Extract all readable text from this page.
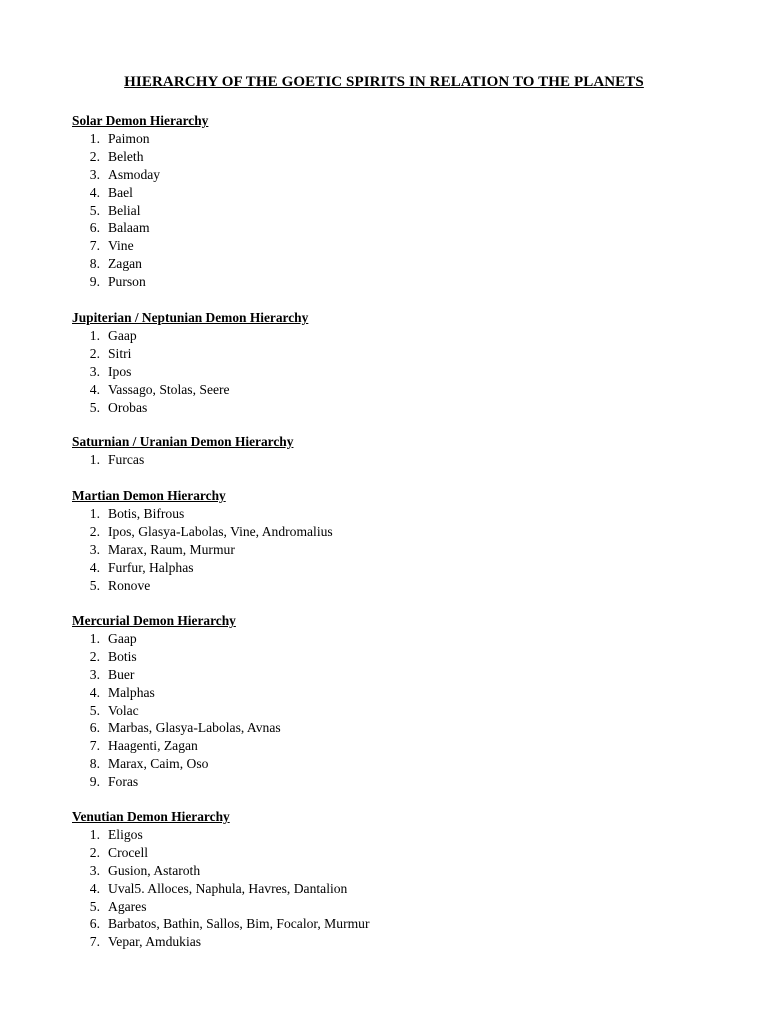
HIERARCHY OF THE GOETIC SPIRITS IN RELATION TO THE PLANETS
Solar Demon Hierarchy
1. Paimon
2. Beleth
3. Asmoday
4. Bael
5. Belial
6. Balaam
7. Vine
8. Zagan
9. Purson
Jupiterian / Neptunian Demon Hierarchy
1. Gaap
2. Sitri
3. Ipos
4. Vassago, Stolas, Seere
5. Orobas
Saturnian / Uranian Demon Hierarchy
1. Furcas
Martian Demon Hierarchy
1. Botis, Bifrous
2. Ipos, Glasya-Labolas, Vine, Andromalius
3. Marax, Raum, Murmur
4. Furfur, Halphas
5. Ronove
Mercurial Demon Hierarchy
1. Gaap
2. Botis
3. Buer
4. Malphas
5. Volac
6. Marbas, Glasya-Labolas, Avnas
7. Haagenti, Zagan
8. Marax, Caim, Oso
9. Foras
Venutian Demon Hierarchy
1. Eligos
2. Crocell
3. Gusion, Astaroth
4. Uval5. Alloces, Naphula, Havres, Dantalion
5. Agares
6. Barbatos, Bathin, Sallos, Bim, Focalor, Murmur
7. Vepar, Amdukias
